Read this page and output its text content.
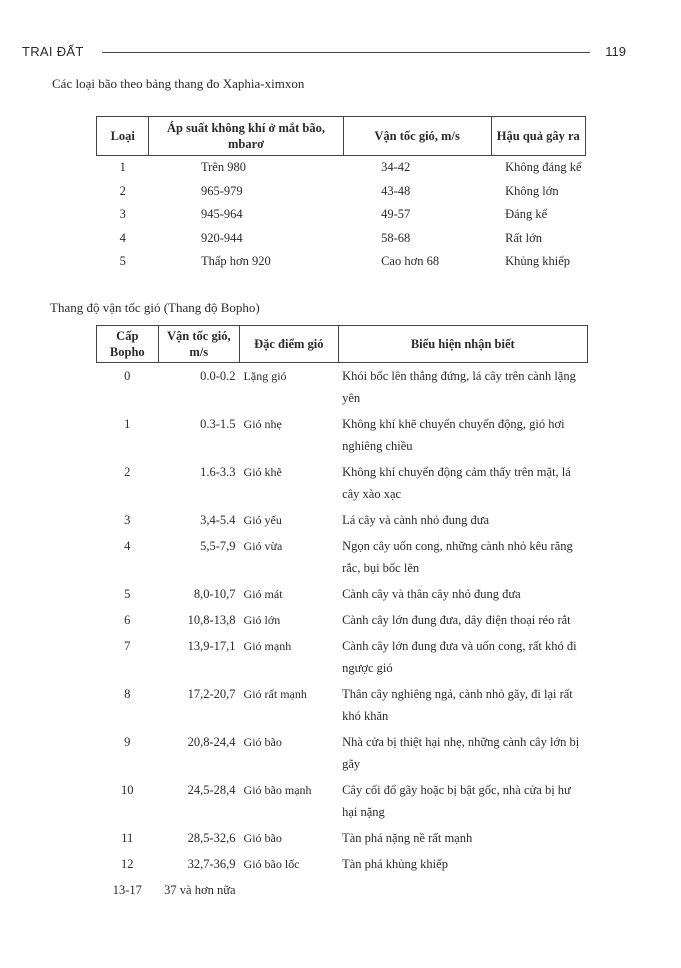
TRAI ĐẤT	119
Các loại bão theo bảng thang đo Xaphia-ximxon
Loại	Áp suất không khí ở mắt bão, mbarơ	Vận tốc gió, m/s	Hậu quả gây ra
1	Trên 980	34-42	Không đáng kể
2	965-979	43-48	Không lớn
3	945-964	49-57	Đáng kể
4	920-944	58-68	Rất lớn
5	Thấp hơn 920	Cao hơn 68	Khủng khiếp
Thang độ vận tốc gió (Thang độ Bopho)
Cấp Bopho	Vận tốc gió, m/s	Đặc điểm gió	Biểu hiện nhận biết
0	0.0-0.2	Lặng gió	Khói bốc lên thẳng đứng, lá cây trên cành lặng yên
1	0.3-1.5	Gió nhẹ	Không khí khẽ chuyển chuyển động, gió hơi nghiêng chiều
2	1.6-3.3	Gió khẽ	Không khí chuyển động cảm thấy trên mặt, lá cây xào xạc
3	3,4-5.4	Gió yếu	Lá cây và cành nhỏ đung đưa
4	5,5-7,9	Gió vừa	Ngọn cây uốn cong, những cành nhỏ kêu răng rắc, bụi bốc lên
5	8,0-10,7	Gió mát	Cành cây và thân cây nhỏ đung đưa
6	10,8-13,8	Gió lớn	Cành cây lớn đung đưa, dây điện thoại réo rắt
7	13,9-17,1	Gió mạnh	Cành cây lớn đung đưa và uốn cong, rất khó đi ngược gió
8	17,2-20,7	Gió rất mạnh	Thân cây nghiêng ngả, cành nhỏ gãy, đi lại rất khó khăn
9	20,8-24,4	Gió bão	Nhà cửa bị thiệt hại nhẹ, những cành cây lớn bị gãy
10	24,5-28,4	Gió bão mạnh	Cây cối đổ gãy hoặc bị bật gốc, nhà cửa bị hư hại nặng
11	28,5-32,6	Gió bão	Tàn phá nặng nề rất mạnh
12	32,7-36,9	Gió bão lốc	Tàn phá khủng khiếp
13-17	37 và hơn nữa		
